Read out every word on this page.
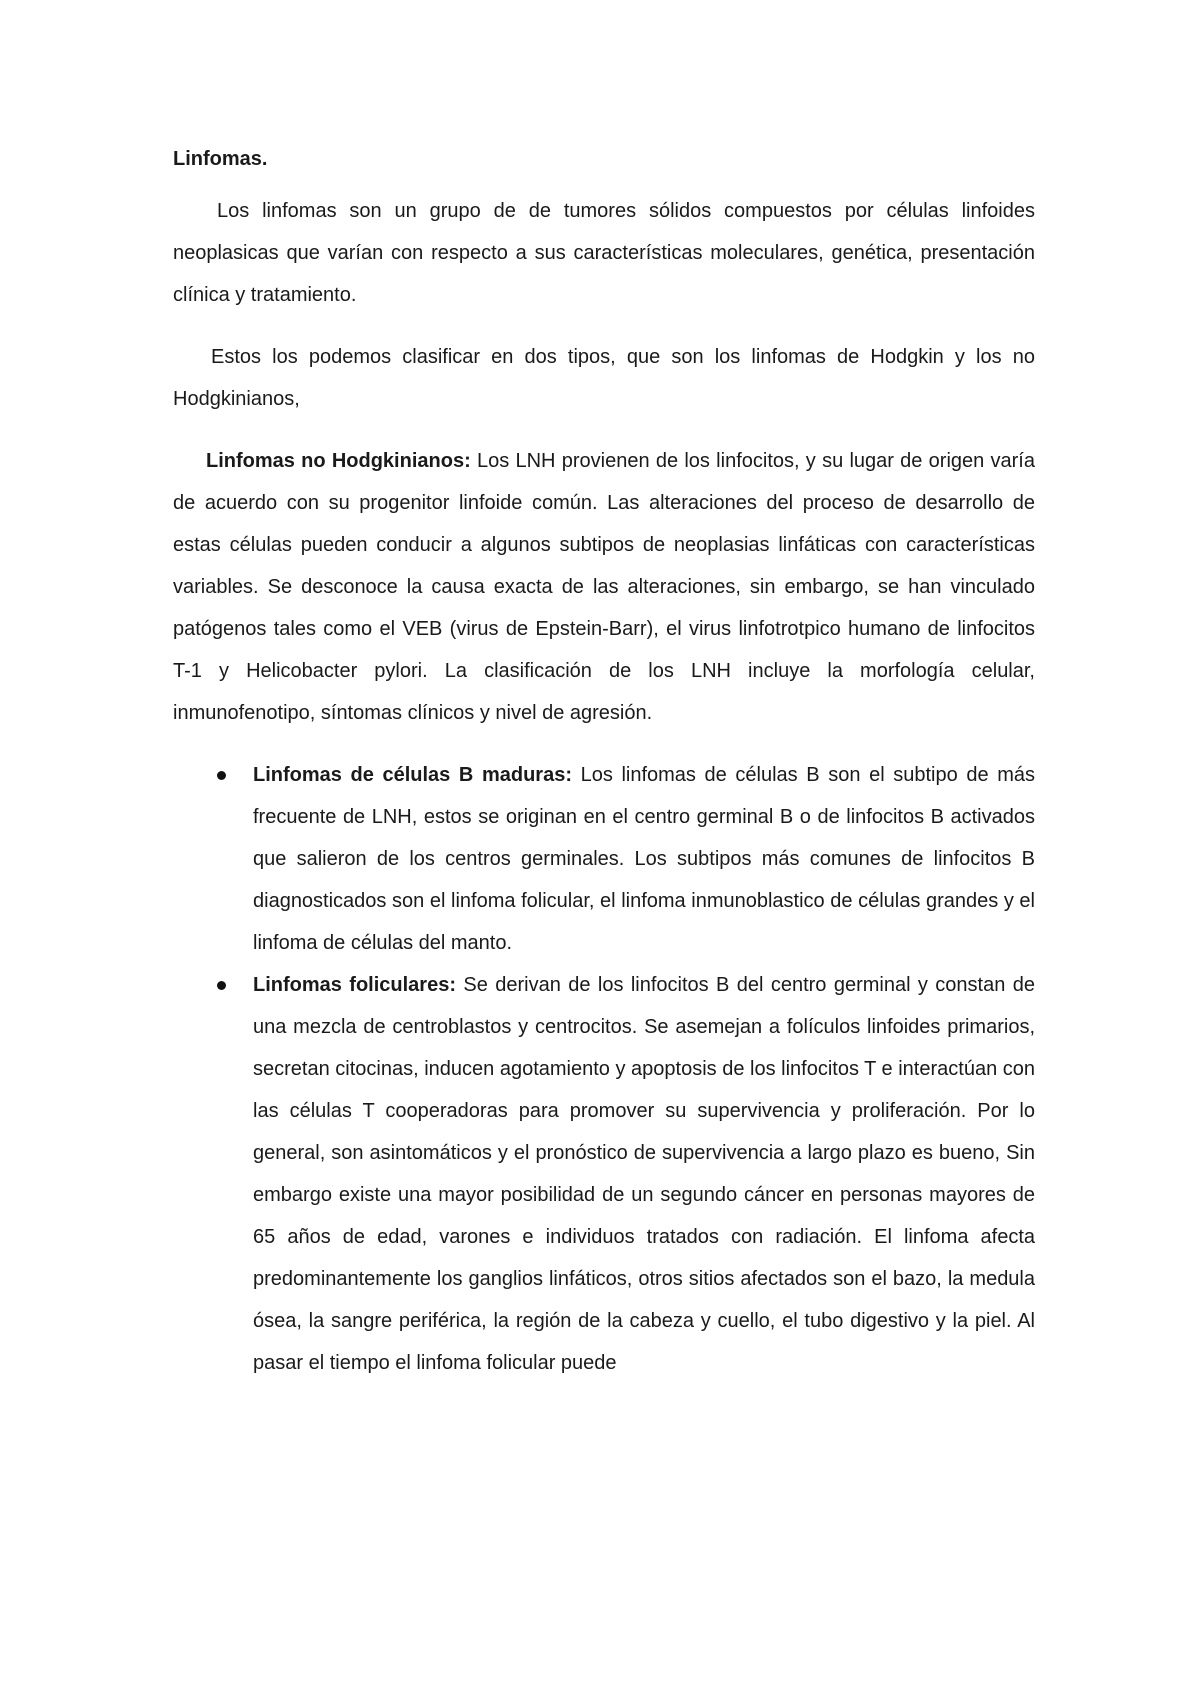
Linfomas.

Los linfomas son un grupo de de tumores sólidos compuestos por células linfoides neoplasicas que varían con respecto a sus características moleculares, genética, presentación clínica y tratamiento.

Estos los podemos clasificar en dos tipos, que son los linfomas de Hodgkin y los no Hodgkinianos,

Linfomas no Hodgkinianos: Los LNH provienen de los linfocitos, y su lugar de origen varía de acuerdo con su progenitor linfoide común. Las alteraciones del proceso de desarrollo de estas células pueden conducir a algunos subtipos de neoplasias linfáticas con características variables. Se desconoce la causa exacta de las alteraciones, sin embargo, se han vinculado patógenos tales como el VEB (virus de Epstein-Barr), el virus linfotrotpico humano de linfocitos T-1 y Helicobacter pylori. La clasificación de los LNH incluye la morfología celular, inmunofenotipo, síntomas clínicos y nivel de agresión.

Linfomas de células B maduras: Los linfomas de células B son el subtipo de más frecuente de LNH, estos se originan en el centro germinal B o de linfocitos B activados que salieron de los centros germinales. Los subtipos más comunes de linfocitos B diagnosticados son el linfoma folicular, el linfoma inmunoblastico de células grandes y el linfoma de células del manto.
Linfomas foliculares: Se derivan de los linfocitos B del centro germinal y constan de una mezcla de centroblastos y centrocitos. Se asemejan a folículos linfoides primarios, secretan citocinas, inducen agotamiento y apoptosis de los linfocitos T e interactúan con las células T cooperadoras para promover su supervivencia y proliferación. Por lo general, son asintomáticos y el pronóstico de supervivencia a largo plazo es bueno, Sin embargo existe una mayor posibilidad de un segundo cáncer en personas mayores de 65 años de edad, varones e individuos tratados con radiación. El linfoma afecta predominantemente los ganglios linfáticos, otros sitios afectados son el bazo, la medula ósea, la sangre periférica, la región de la cabeza y cuello, el tubo digestivo y la piel. Al pasar el tiempo el linfoma folicular puede
